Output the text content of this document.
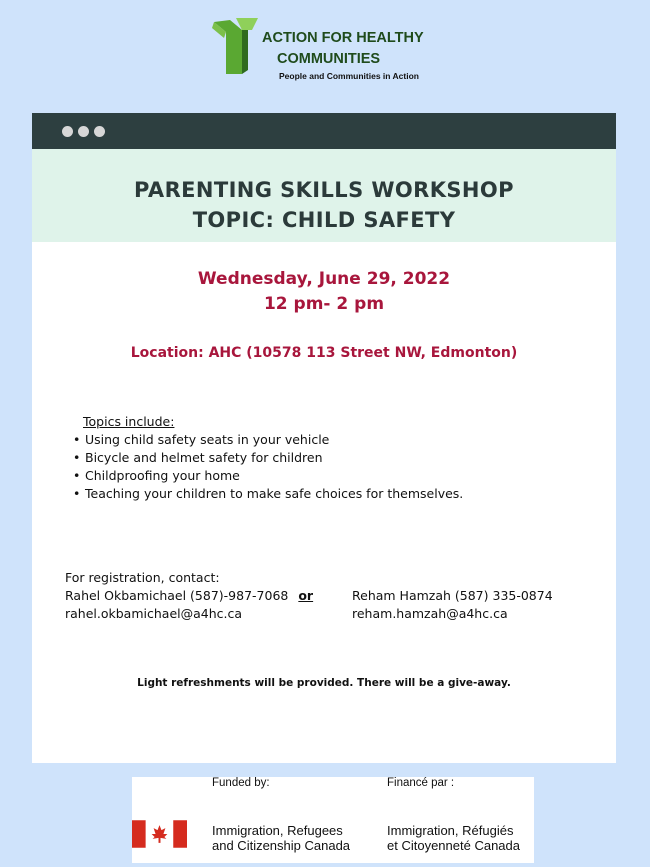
ACTION FOR HEALTHY
COMMUNITIES
People and Communities in Action
PARENTING SKILLS WORKSHOP
TOPIC: CHILD SAFETY
Wednesday, June 29, 2022
12 pm- 2 pm
Location: AHC (10578 113 Street NW, Edmonton)
Topics include:
• Using child safety seats in your vehicle
• Bicycle and helmet safety for children
• Childproofing your home
• Teaching your children to make safe choices for themselves.
For registration, contact:
Rahel Okbamichael (587)-987-7068 or
rahel.okbamichael@a4hc.ca
Reham Hamzah (587) 335-0874
reham.hamzah@a4hc.ca
Light refreshments will be provided. There will be a give-away.
Funded by:	Financé par :
Immigration, Refugees
and Citizenship Canada
Immigration, Réfugiés
et Citoyenneté Canada
